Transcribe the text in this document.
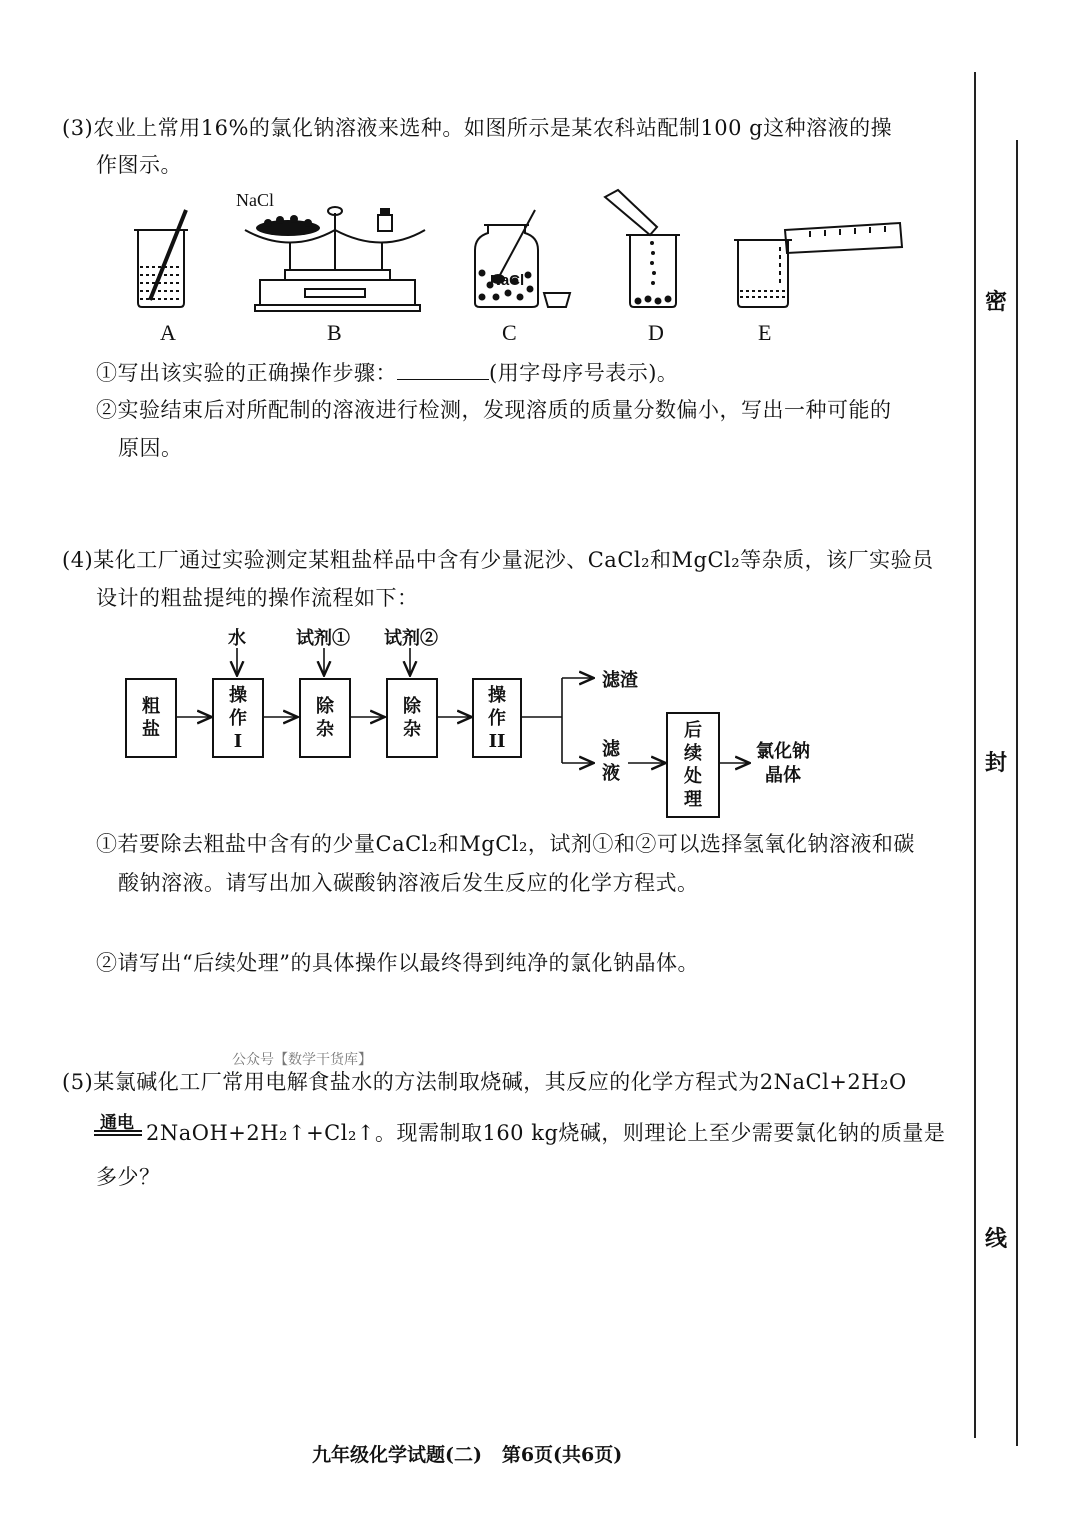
密
封
线
(3)农业上常用16%的氯化钠溶液来选种。如图所示是某农科站配制100 g这种溶液的操
作图示。
NaCl
NaCl
A	B	C	D	E
①写出该实验的正确操作步骤：	(用字母序号表示)。
②实验结束后对所配制的溶液进行检测，发现溶质的质量分数偏小，写出一种可能的
原因。
(4)某化工厂通过实验测定某粗盐样品中含有少量泥沙、CaCl₂和MgCl₂等杂质，该厂实验员
设计的粗盐提纯的操作流程如下：
水	试剂① 试剂②
粗
盐
操
作
I
除
杂
除
杂
操
作
II
滤渣
滤
液
后
续
处
理
氯化钠
晶体
①若要除去粗盐中含有的少量CaCl₂和MgCl₂，试剂①和②可以选择氢氧化钠溶液和碳
酸钠溶液。请写出加入碳酸钠溶液后发生反应的化学方程式。
②请写出“后续处理”的具体操作以最终得到纯净的氯化钠晶体。
公众号【数学干货库】
(5)某氯碱化工厂常用电解食盐水的方法制取烧碱，其反应的化学方程式为2NaCl+2H₂O
通电 2NaOH+2H₂↑+Cl₂↑。现需制取160 kg烧碱，则理论上至少需要氯化钠的质量是
多少？
九年级化学试题(二)   第6页(共6页)
